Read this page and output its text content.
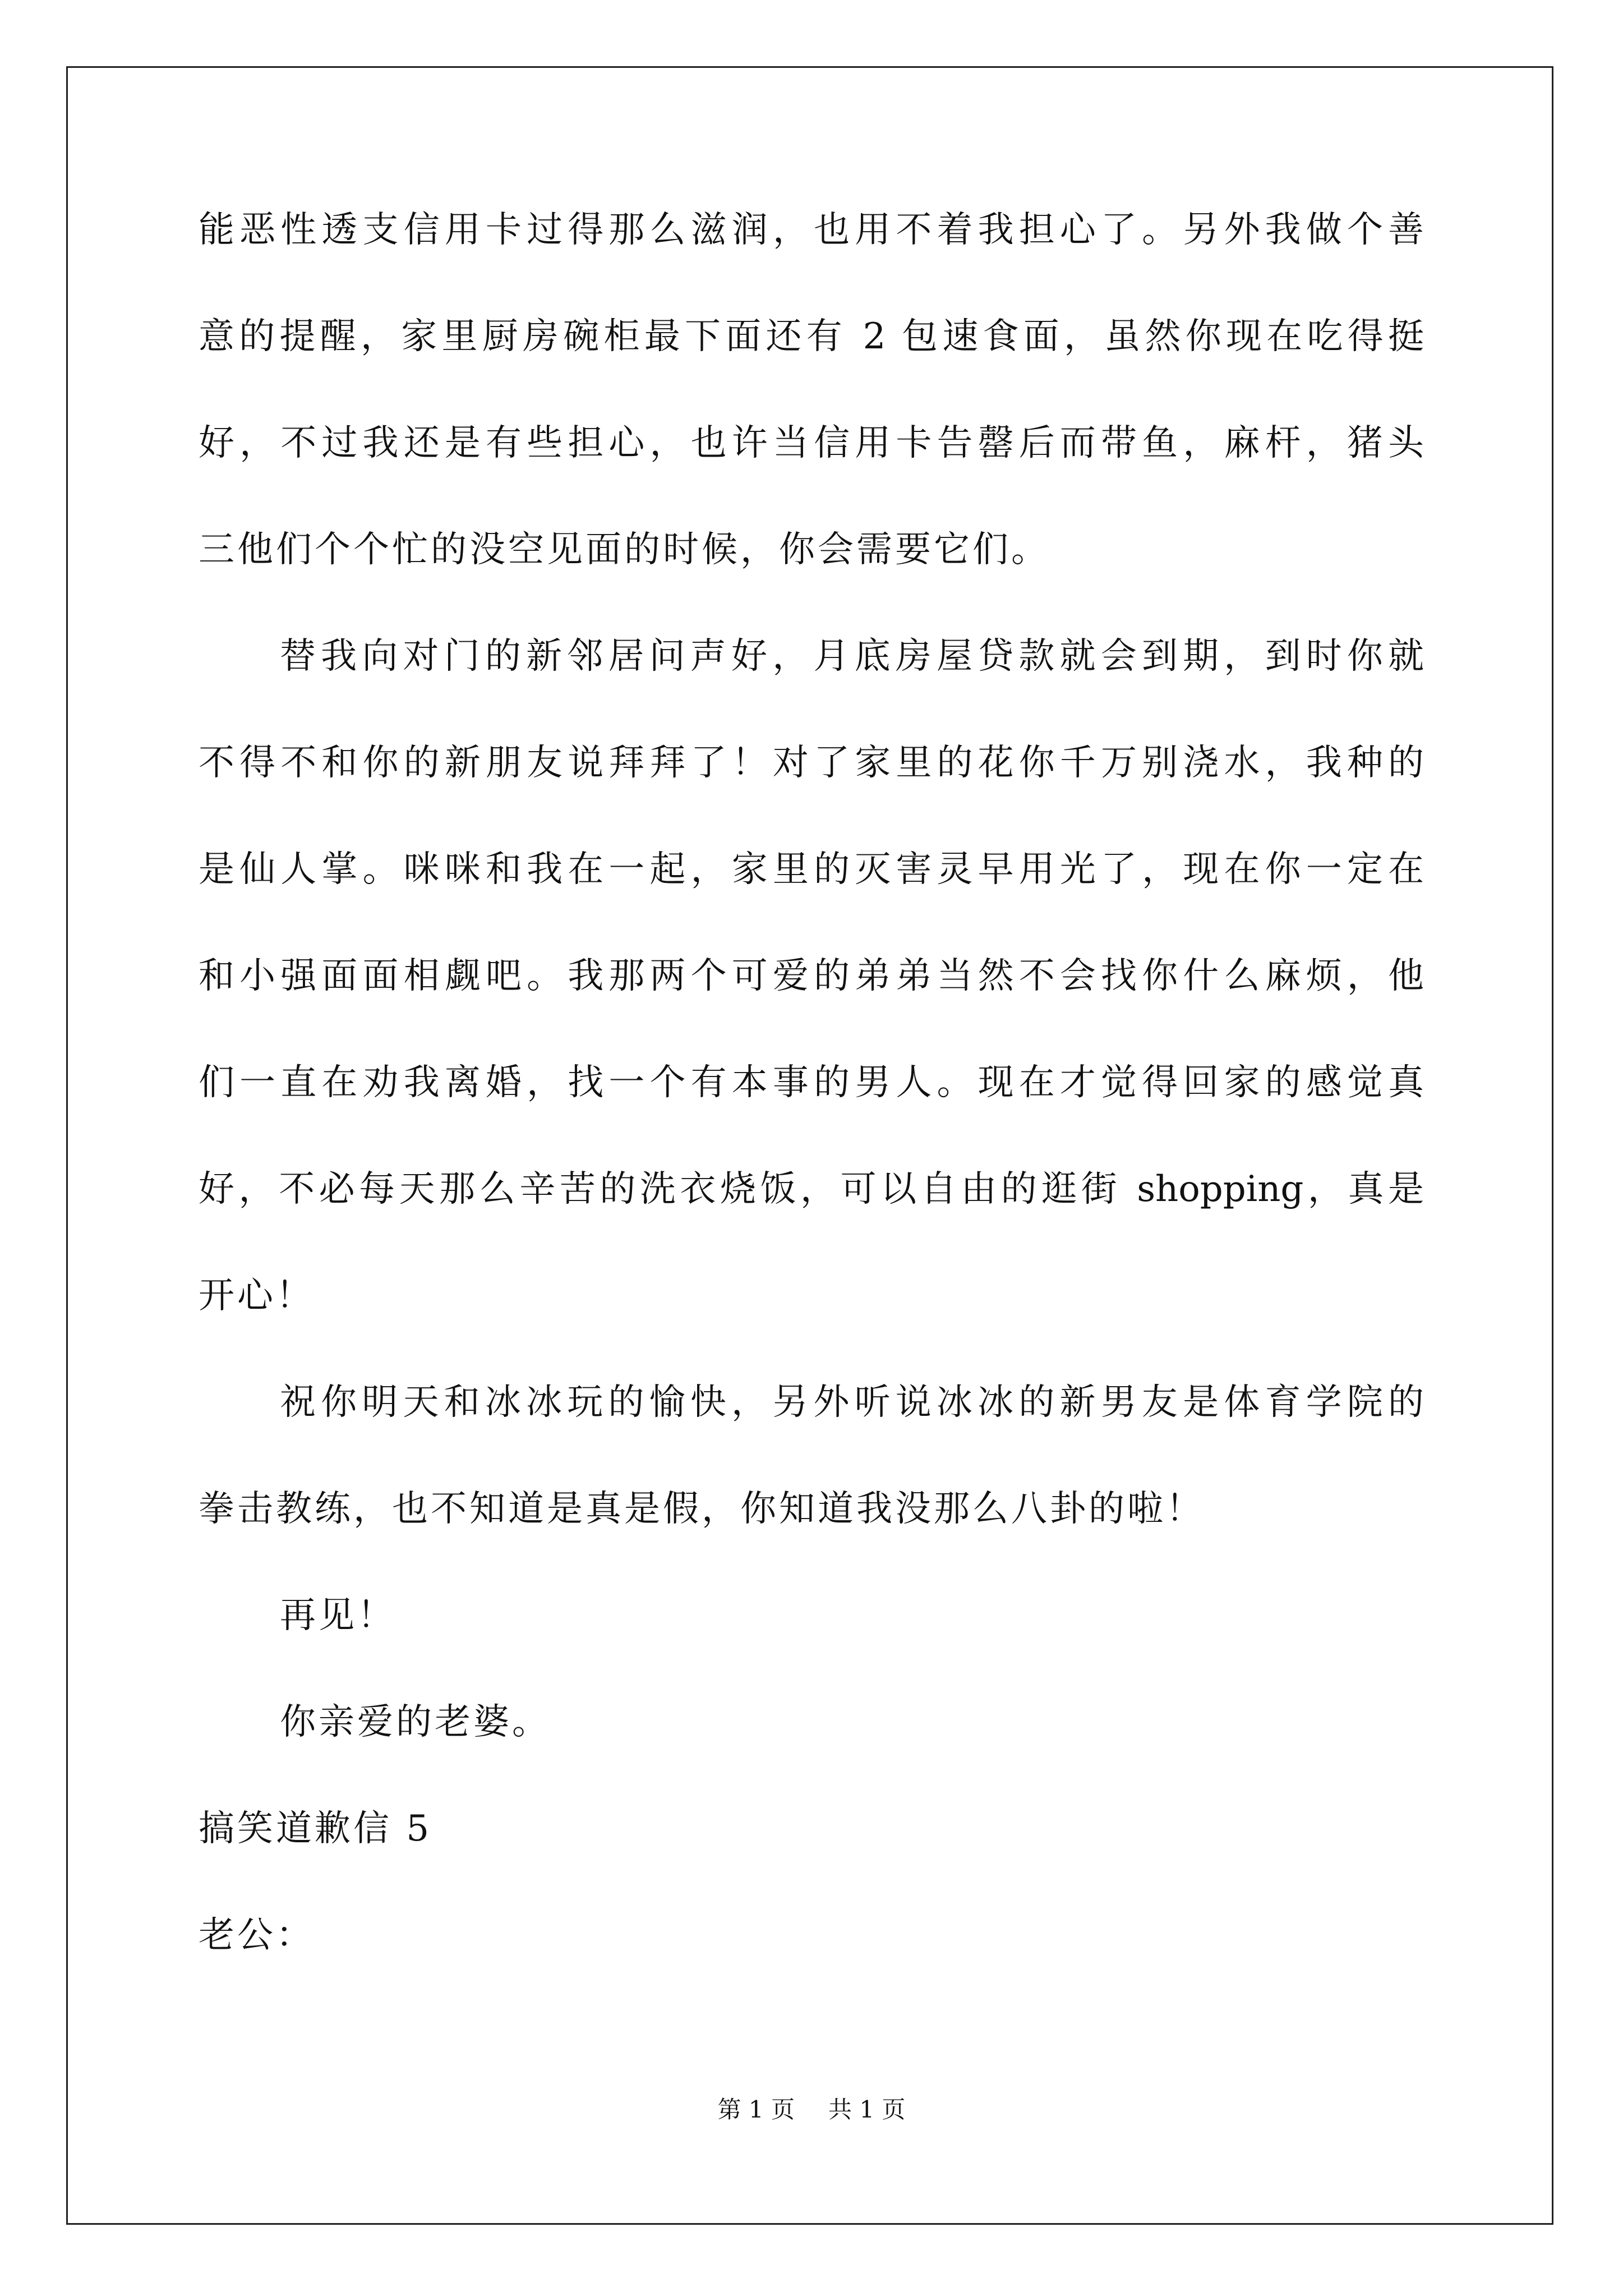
能恶性透支信用卡过得那么滋润，也用不着我担心了。另外我做个善
意的提醒，家里厨房碗柜最下面还有 2 包速食面，虽然你现在吃得挺
好，不过我还是有些担心，也许当信用卡告罄后而带鱼，麻杆，猪头
三他们个个忙的没空见面的时候，你会需要它们。
替我向对门的新邻居问声好，月底房屋贷款就会到期，到时你就
不得不和你的新朋友说拜拜了！对了家里的花你千万别浇水，我种的
是仙人掌。咪咪和我在一起，家里的灭害灵早用光了，现在你一定在
和小强面面相觑吧。我那两个可爱的弟弟当然不会找你什么麻烦，他
们一直在劝我离婚，找一个有本事的男人。现在才觉得回家的感觉真
好，不必每天那么辛苦的洗衣烧饭，可以自由的逛街 shopping，真是
开心！
祝你明天和冰冰玩的愉快，另外听说冰冰的新男友是体育学院的
拳击教练，也不知道是真是假，你知道我没那么八卦的啦！
再见！
你亲爱的老婆。
搞笑道歉信 5
老公：
第 1 页 共 1 页
